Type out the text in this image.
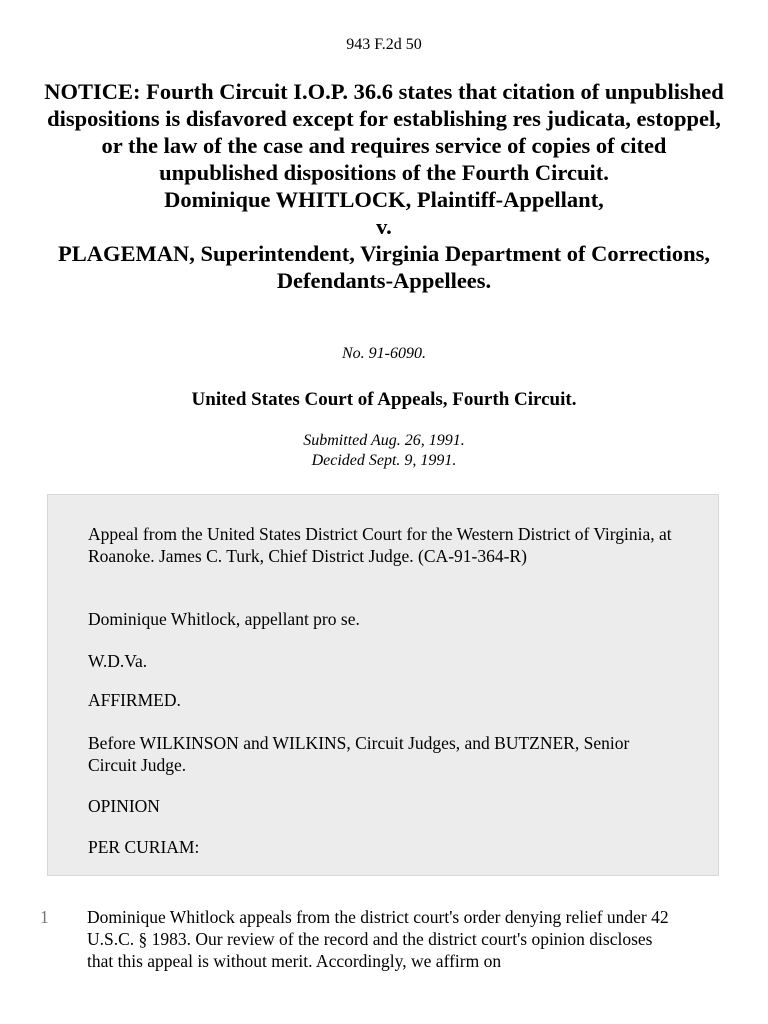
943 F.2d 50
NOTICE: Fourth Circuit I.O.P. 36.6 states that citation of unpublished dispositions is disfavored except for establishing res judicata, estoppel, or the law of the case and requires service of copies of cited unpublished dispositions of the Fourth Circuit.
Dominique WHITLOCK, Plaintiff-Appellant,
v.
PLAGEMAN, Superintendent, Virginia Department of Corrections, Defendants-Appellees.
No. 91-6090.
United States Court of Appeals, Fourth Circuit.
Submitted Aug. 26, 1991.
Decided Sept. 9, 1991.
Appeal from the United States District Court for the Western District of Virginia, at Roanoke. James C. Turk, Chief District Judge. (CA-91-364-R)
Dominique Whitlock, appellant pro se.
W.D.Va.
AFFIRMED.
Before WILKINSON and WILKINS, Circuit Judges, and BUTZNER, Senior Circuit Judge.
OPINION
PER CURIAM:
1	Dominique Whitlock appeals from the district court's order denying relief under 42 U.S.C. § 1983. Our review of the record and the district court's opinion discloses that this appeal is without merit. Accordingly, we affirm on
